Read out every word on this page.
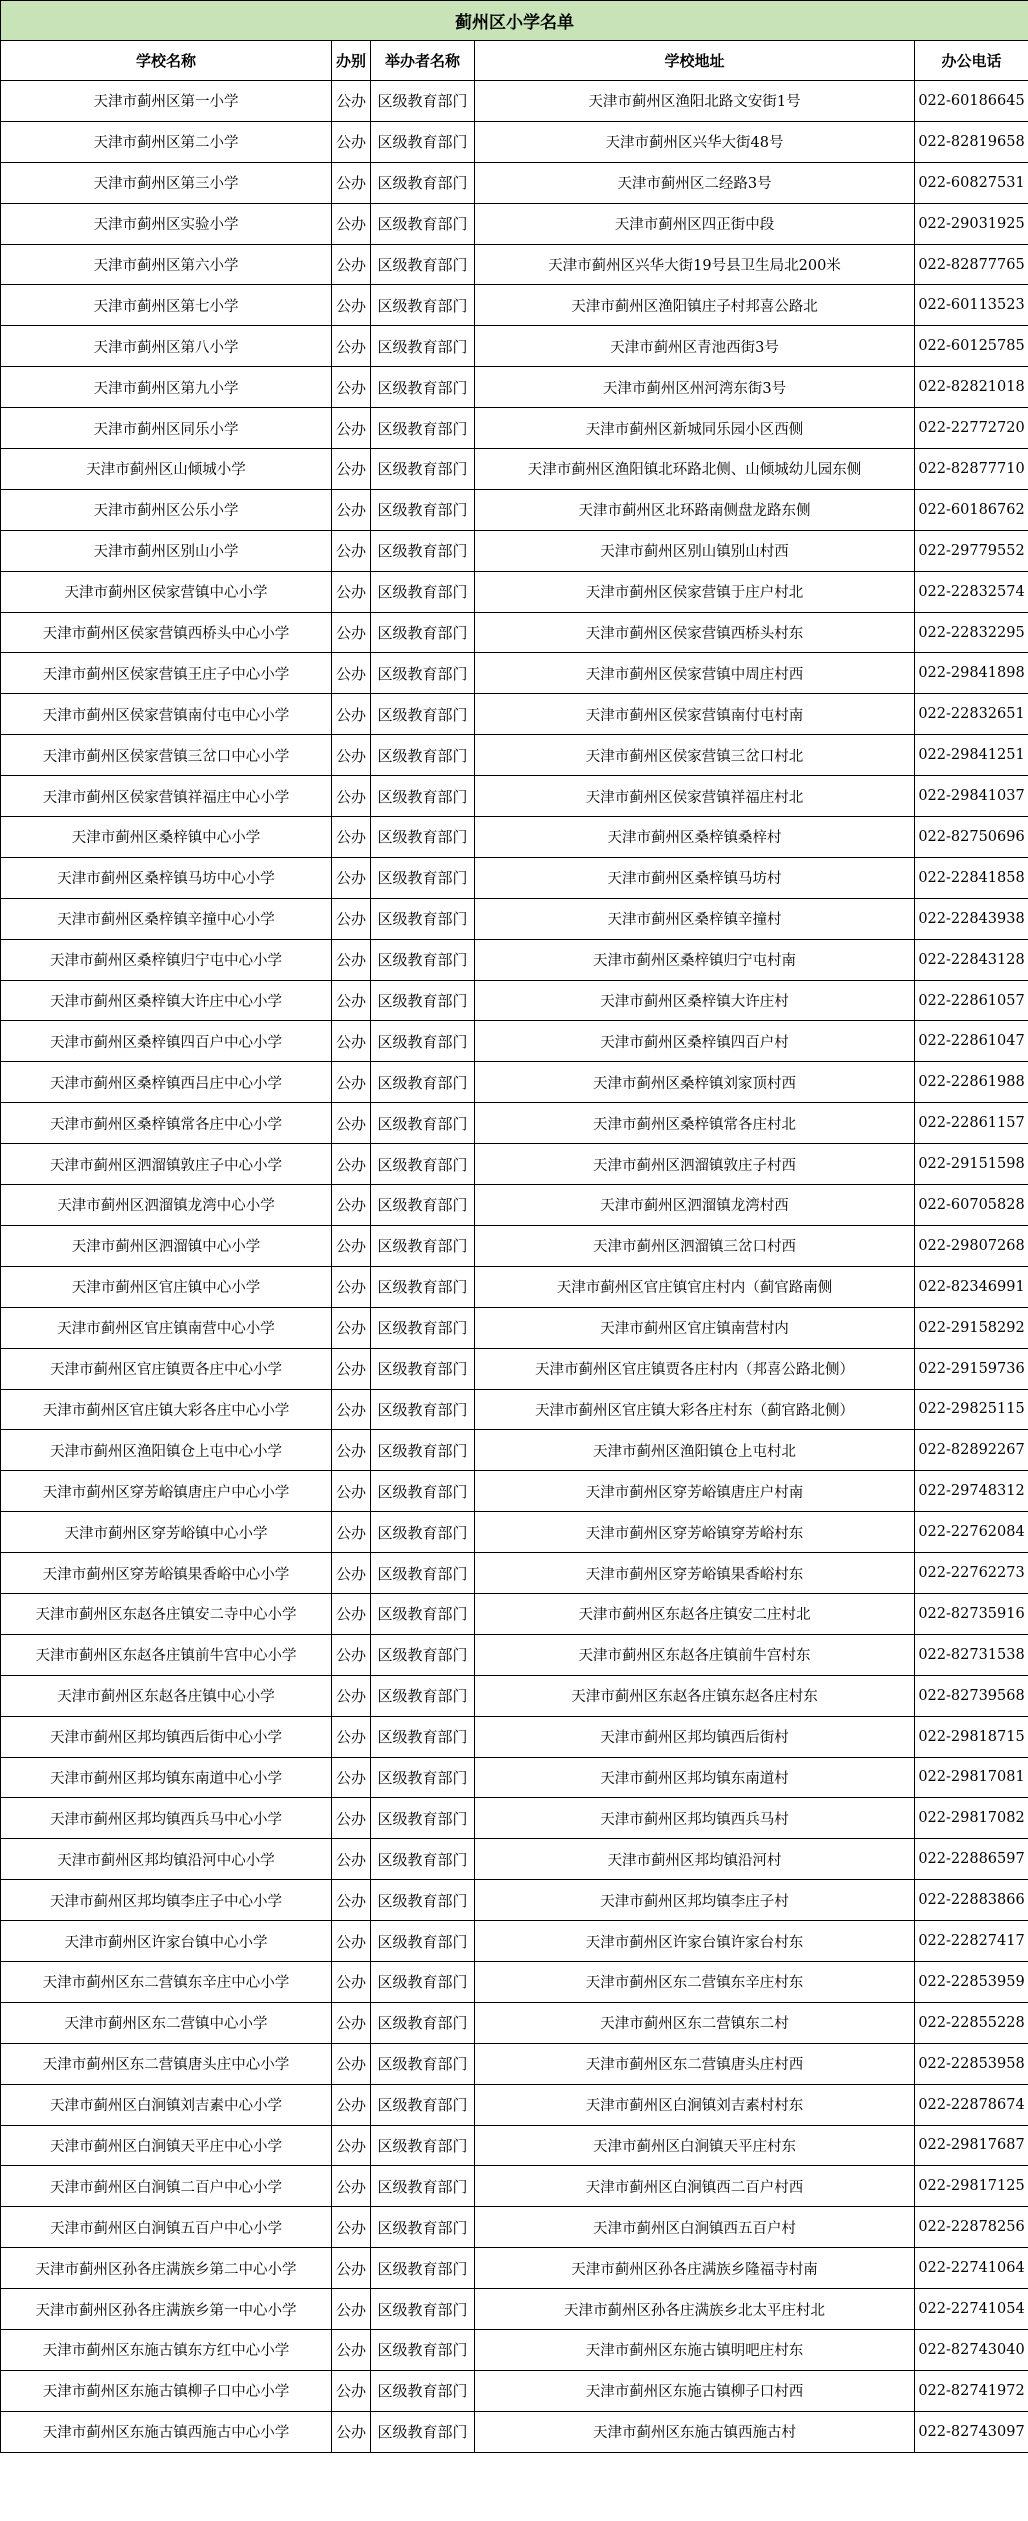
蓟州区小学名单				
学校名称	办别	举办者名称	学校地址	办公电话
天津市蓟州区第一小学	公办	区级教育部门	天津市蓟州区渔阳北路文安街1号	022-60186645
天津市蓟州区第二小学	公办	区级教育部门	天津市蓟州区兴华大街48号	022-82819658
天津市蓟州区第三小学	公办	区级教育部门	天津市蓟州区二经路3号	022-60827531
天津市蓟州区实验小学	公办	区级教育部门	天津市蓟州区四正街中段	022-29031925
天津市蓟州区第六小学	公办	区级教育部门	天津市蓟州区兴华大街19号县卫生局北200米	022-82877765
天津市蓟州区第七小学	公办	区级教育部门	天津市蓟州区渔阳镇庄子村邦喜公路北	022-60113523
天津市蓟州区第八小学	公办	区级教育部门	天津市蓟州区青池西街3号	022-60125785
天津市蓟州区第九小学	公办	区级教育部门	天津市蓟州区州河湾东街3号	022-82821018
天津市蓟州区同乐小学	公办	区级教育部门	天津市蓟州区新城同乐园小区西侧	022-22772720
天津市蓟州区山倾城小学	公办	区级教育部门	天津市蓟州区渔阳镇北环路北侧、山倾城幼儿园东侧	022-82877710
天津市蓟州区公乐小学	公办	区级教育部门	天津市蓟州区北环路南侧盘龙路东侧	022-60186762
天津市蓟州区别山小学	公办	区级教育部门	天津市蓟州区别山镇别山村西	022-29779552
天津市蓟州区侯家营镇中心小学	公办	区级教育部门	天津市蓟州区侯家营镇于庄户村北	022-22832574
天津市蓟州区侯家营镇西桥头中心小学	公办	区级教育部门	天津市蓟州区侯家营镇西桥头村东	022-22832295
天津市蓟州区侯家营镇王庄子中心小学	公办	区级教育部门	天津市蓟州区侯家营镇中周庄村西	022-29841898
天津市蓟州区侯家营镇南付屯中心小学	公办	区级教育部门	天津市蓟州区侯家营镇南付屯村南	022-22832651
天津市蓟州区侯家营镇三岔口中心小学	公办	区级教育部门	天津市蓟州区侯家营镇三岔口村北	022-29841251
天津市蓟州区侯家营镇祥福庄中心小学	公办	区级教育部门	天津市蓟州区侯家营镇祥福庄村北	022-29841037
天津市蓟州区桑梓镇中心小学	公办	区级教育部门	天津市蓟州区桑梓镇桑梓村	022-82750696
天津市蓟州区桑梓镇马坊中心小学	公办	区级教育部门	天津市蓟州区桑梓镇马坊村	022-22841858
天津市蓟州区桑梓镇辛撞中心小学	公办	区级教育部门	天津市蓟州区桑梓镇辛撞村	022-22843938
天津市蓟州区桑梓镇归宁屯中心小学	公办	区级教育部门	天津市蓟州区桑梓镇归宁屯村南	022-22843128
天津市蓟州区桑梓镇大许庄中心小学	公办	区级教育部门	天津市蓟州区桑梓镇大许庄村	022-22861057
天津市蓟州区桑梓镇四百户中心小学	公办	区级教育部门	天津市蓟州区桑梓镇四百户村	022-22861047
天津市蓟州区桑梓镇西吕庄中心小学	公办	区级教育部门	天津市蓟州区桑梓镇刘家顶村西	022-22861988
天津市蓟州区桑梓镇常各庄中心小学	公办	区级教育部门	天津市蓟州区桑梓镇常各庄村北	022-22861157
天津市蓟州区泗溜镇敦庄子中心小学	公办	区级教育部门	天津市蓟州区泗溜镇敦庄子村西	022-29151598
天津市蓟州区泗溜镇龙湾中心小学	公办	区级教育部门	天津市蓟州区泗溜镇龙湾村西	022-60705828
天津市蓟州区泗溜镇中心小学	公办	区级教育部门	天津市蓟州区泗溜镇三岔口村西	022-29807268
天津市蓟州区官庄镇中心小学	公办	区级教育部门	天津市蓟州区官庄镇官庄村内（蓟官路南侧	022-82346991
天津市蓟州区官庄镇南营中心小学	公办	区级教育部门	天津市蓟州区官庄镇南营村内	022-29158292
天津市蓟州区官庄镇贾各庄中心小学	公办	区级教育部门	天津市蓟州区官庄镇贾各庄村内（邦喜公路北侧）	022-29159736
天津市蓟州区官庄镇大彩各庄中心小学	公办	区级教育部门	天津市蓟州区官庄镇大彩各庄村东（蓟官路北侧）	022-29825115
天津市蓟州区渔阳镇仓上屯中心小学	公办	区级教育部门	天津市蓟州区渔阳镇仓上屯村北	022-82892267
天津市蓟州区穿芳峪镇唐庄户中心小学	公办	区级教育部门	天津市蓟州区穿芳峪镇唐庄户村南	022-29748312
天津市蓟州区穿芳峪镇中心小学	公办	区级教育部门	天津市蓟州区穿芳峪镇穿芳峪村东	022-22762084
天津市蓟州区穿芳峪镇果香峪中心小学	公办	区级教育部门	天津市蓟州区穿芳峪镇果香峪村东	022-22762273
天津市蓟州区东赵各庄镇安二寺中心小学	公办	区级教育部门	天津市蓟州区东赵各庄镇安二庄村北	022-82735916
天津市蓟州区东赵各庄镇前牛宫中心小学	公办	区级教育部门	天津市蓟州区东赵各庄镇前牛宫村东	022-82731538
天津市蓟州区东赵各庄镇中心小学	公办	区级教育部门	天津市蓟州区东赵各庄镇东赵各庄村东	022-82739568
天津市蓟州区邦均镇西后街中心小学	公办	区级教育部门	天津市蓟州区邦均镇西后街村	022-29818715
天津市蓟州区邦均镇东南道中心小学	公办	区级教育部门	天津市蓟州区邦均镇东南道村	022-29817081
天津市蓟州区邦均镇西兵马中心小学	公办	区级教育部门	天津市蓟州区邦均镇西兵马村	022-29817082
天津市蓟州区邦均镇沿河中心小学	公办	区级教育部门	天津市蓟州区邦均镇沿河村	022-22886597
天津市蓟州区邦均镇李庄子中心小学	公办	区级教育部门	天津市蓟州区邦均镇李庄子村	022-22883866
天津市蓟州区许家台镇中心小学	公办	区级教育部门	天津市蓟州区许家台镇许家台村东	022-22827417
天津市蓟州区东二营镇东辛庄中心小学	公办	区级教育部门	天津市蓟州区东二营镇东辛庄村东	022-22853959
天津市蓟州区东二营镇中心小学	公办	区级教育部门	天津市蓟州区东二营镇东二村	022-22855228
天津市蓟州区东二营镇唐头庄中心小学	公办	区级教育部门	天津市蓟州区东二营镇唐头庄村西	022-22853958
天津市蓟州区白涧镇刘吉素中心小学	公办	区级教育部门	天津市蓟州区白涧镇刘吉素村村东	022-22878674
天津市蓟州区白涧镇天平庄中心小学	公办	区级教育部门	天津市蓟州区白涧镇天平庄村东	022-29817687
天津市蓟州区白涧镇二百户中心小学	公办	区级教育部门	天津市蓟州区白涧镇西二百户村西	022-29817125
天津市蓟州区白涧镇五百户中心小学	公办	区级教育部门	天津市蓟州区白涧镇西五百户村	022-22878256
天津市蓟州区孙各庄满族乡第二中心小学	公办	区级教育部门	天津市蓟州区孙各庄满族乡隆福寺村南	022-22741064
天津市蓟州区孙各庄满族乡第一中心小学	公办	区级教育部门	天津市蓟州区孙各庄满族乡北太平庄村北	022-22741054
天津市蓟州区东施古镇东方红中心小学	公办	区级教育部门	天津市蓟州区东施古镇明吧庄村东	022-82743040
天津市蓟州区东施古镇柳子口中心小学	公办	区级教育部门	天津市蓟州区东施古镇柳子口村西	022-82741972
天津市蓟州区东施古镇西施古中心小学	公办	区级教育部门	天津市蓟州区东施古镇西施古村	022-82743097
